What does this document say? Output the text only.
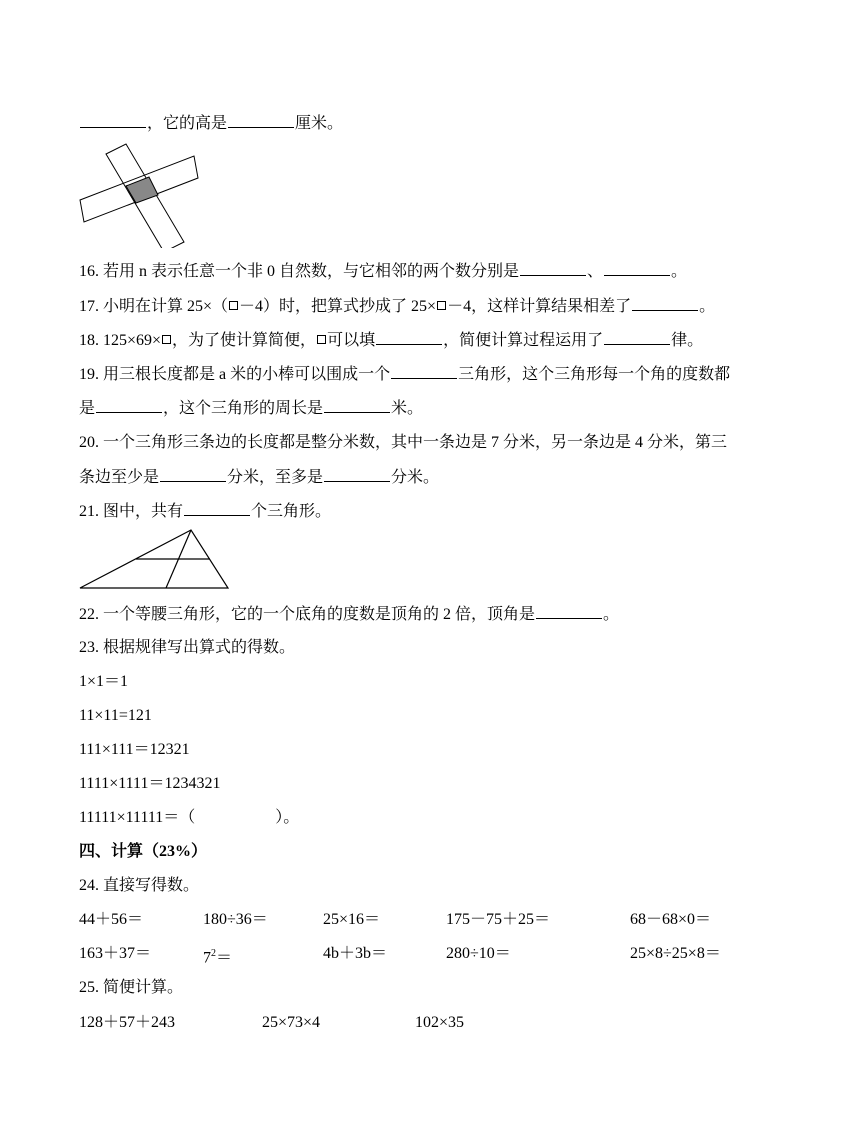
，它的高是	厘米。
16. 若用 n 表示任意一个非 0 自然数，与它相邻的两个数分别是	、	。
17. 小明在计算 25×（ －4）时，把算式抄成了 25× －4，这样计算结果相差了	。
18. 125×69× ，为了使计算简便， 可以填	，简便计算过程运用了	律。
19. 用三根长度都是 a 米的小棒可以围成一个	三角形，这个三角形每一个角的度数都
是	，这个三角形的周长是	米。
20. 一个三角形三条边的长度都是整分米数，其中一条边是 7 分米，另一条边是 4 分米，第三
条边至少是	分米，至多是	分米。
21. 图中，共有	个三角形。
22. 一个等腰三角形，它的一个底角的度数是顶角的 2 倍，顶角是	。
23. 根据规律写出算式的得数。
1×1＝1
11×11=121
111×111＝12321
1111×1111＝1234321
11111×11111＝（　　　　　）。
四、计算（23%）
24. 直接写得数。
44＋56＝	180÷36＝	25×16＝	175－75＋25＝	68－68×0＝
163＋37＝	$7^2=$	4b＋3b＝	280÷10＝	25×8÷25×8＝
25. 简便计算。
128＋57＋243	25×73×4	102×35
